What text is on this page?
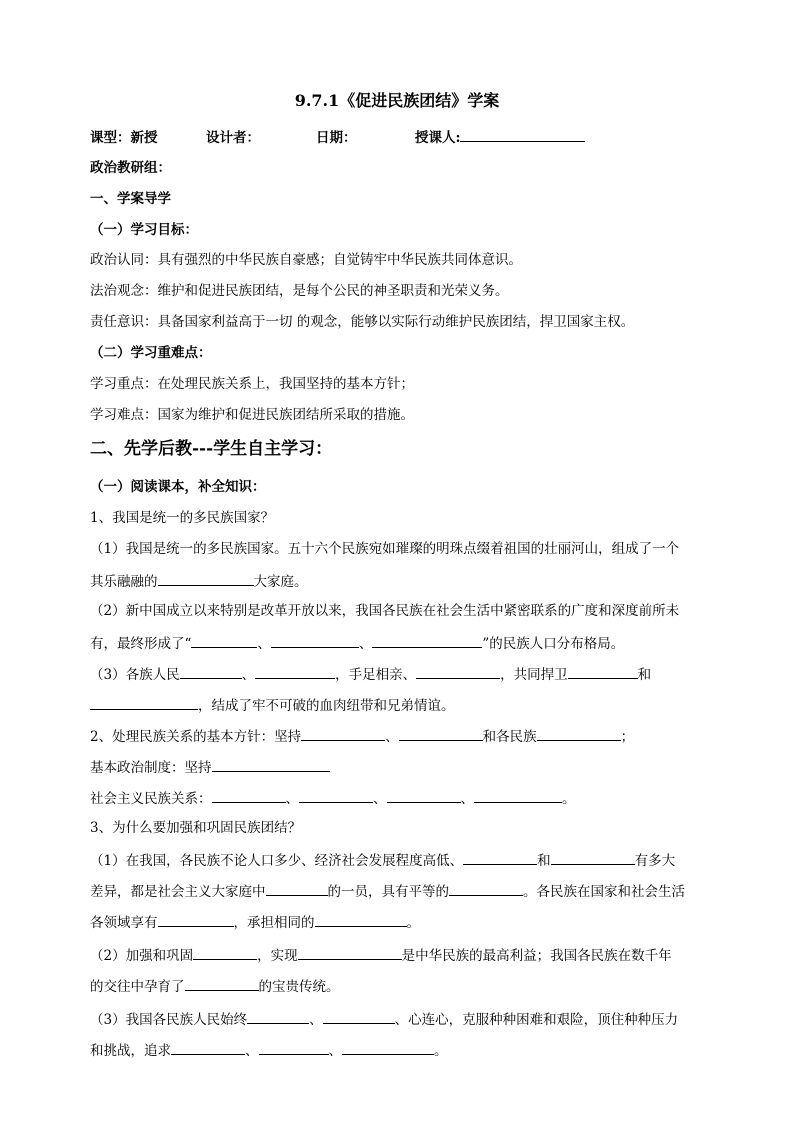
9.7.1《促进民族团结》学案
课型：新授	设计者：	日期：	授课人:
政治教研组：
一、学案导学
（一）学习目标：
政治认同：具有强烈的中华民族自豪感；自觉铸牢中华民族共同体意识。
法治观念：维护和促进民族团结，是每个公民的神圣职责和光荣义务。
责任意识：具备国家利益高于一切 的观念，能够以实际行动维护民族团结，捍卫国家主权。
（二）学习重难点：
学习重点：在处理民族关系上，我国坚持的基本方针；
学习难点：国家为维护和促进民族团结所采取的措施。
二、先学后教---学生自主学习：
（一）阅读课本，补全知识：
1、我国是统一的多民族国家？
（1）我国是统一的多民族国家。五十六个民族宛如璀璨的明珠点缀着祖国的壮丽河山，组成了一个
其乐融融的	大家庭。
（2）新中国成立以来特别是改革开放以来，我国各民族在社会生活中紧密联系的广度和深度前所未
有，最终形成了“	、	、	”的民族人口分布格局。
（3）各族人民	、	，手足相亲、	，共同捍卫	和
，结成了牢不可破的血肉纽带和兄弟情谊。
2、处理民族关系的基本方针：坚持	、	和各民族	；
基本政治制度：坚持
社会主义民族关系：	、	、	、	。
3、为什么要加强和巩固民族团结？
（1）在我国，各民族不论人口多少、经济社会发展程度高低、	和	有多大
差异，都是社会主义大家庭中	的一员，具有平等的	。各民族在国家和社会生活
各领域享有	，承担相同的	。
（2）加强和巩固	，实现	是中华民族的最高利益；我国各民族在数千年
的交往中孕育了	的宝贵传统。
（3）我国各民族人民始终	、	、心连心，克服种种困难和艰险，顶住种种压力
和挑战，追求	、	、	。
